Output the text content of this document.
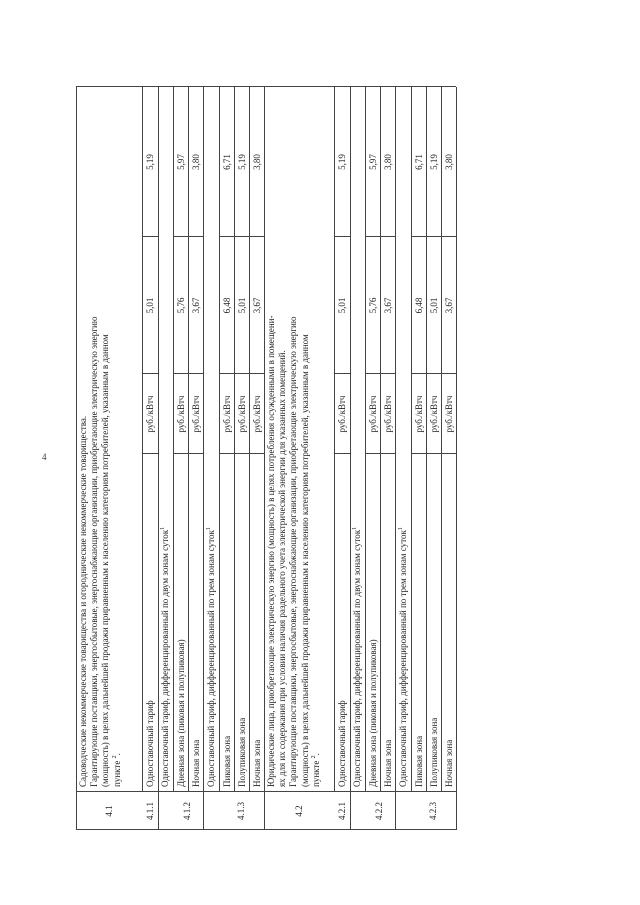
4
4.1
Садоводческие некоммерческие товарищества и огороднические некоммерческие товарищества. Гарантирующие поставщики, энергосбытовые, энергоснабжающие организации, приобретающие электрическую энергию (мощность) в целях дальнейшей продажи приравненным к населению категориям потребителей, указанным в данном пункте $^2$.
4.1.1
Одноставочный тариф
руб./кВтч
5,01
5,19
Одноставочный тариф, дифференцированный по двум зонам суток$^1$
4.1.2
Дневная зона (пиковая и полупиковая)
руб./кВтч
5,76
5,97
Ночная зона
руб./кВтч
3,67
3,80
Одноставочный тариф, дифференцированный по трем зонам суток$^1$
4.1.3
Пиковая зона
руб./кВтч
6,48
6,71
Полупиковая зона
руб./кВтч
5,01
5,19
Ночная зона
руб./кВтч
3,67
3,80
4.2
Юридические лица, приобретающие электрическую энергию (мощность) в целях потребления осужденными в помещени- ях для их содержания при условии наличия раздельного учета электрической энергии для указанных помещений. Гарантирующие поставщики, энергосбытовые, энергоснабжающие организации, приобретающие электрическую энергию (мощность) в целях дальнейшей продажи приравненным к населению категориям потребителей, указанным в данном пункте $^2$.
4.2.1
Одноставочный тариф
руб./кВтч
5,01
5,19
Одноставочный тариф, дифференцированный по двум зонам суток$^1$
4.2.2
Дневная зона (пиковая и полупиковая)
руб./кВтч
5,76
5,97
Ночная зона
руб./кВтч
3,67
3,80
Одноставочный тариф, дифференцированный по трем зонам суток$^1$
4.2.3
Пиковая зона
руб./кВтч
6,48
6,71
Полупиковая зона
руб./кВтч
5,01
5,19
Ночная зона
руб./кВтч
3,67
3,80
